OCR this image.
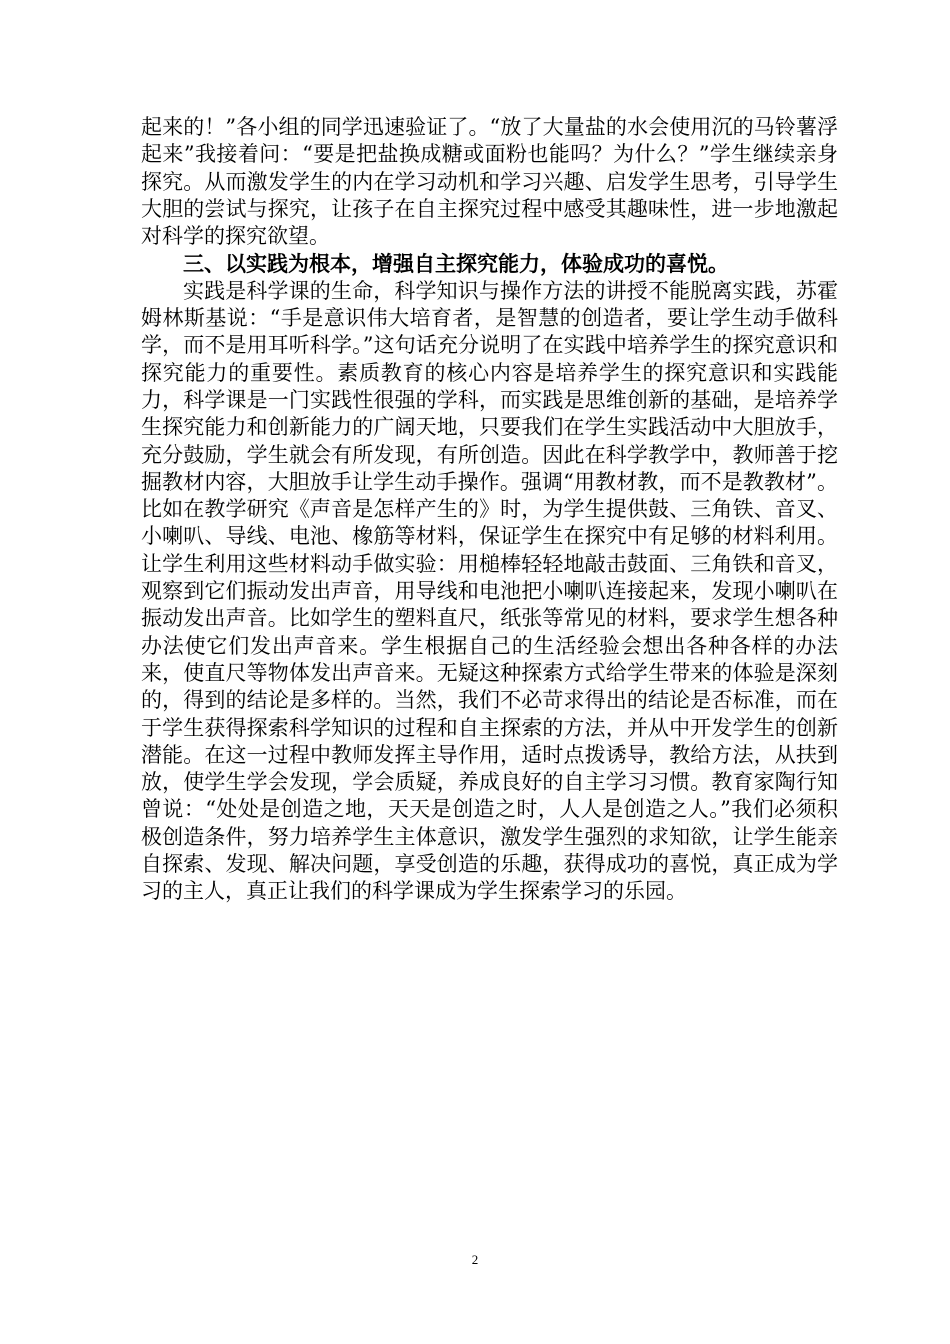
起来的！”各小组的同学迅速验证了。“放了大量盐的水会使用沉的马铃薯浮起来”我接着问：“要是把盐换成糖或面粉也能吗？为什么？”学生继续亲身探究。从而激发学生的内在学习动机和学习兴趣、启发学生思考，引导学生大胆的尝试与探究，让孩子在自主探究过程中感受其趣味性，进一步地激起对科学的探究欲望。

三、以实践为根本，增强自主探究能力，体验成功的喜悦。

实践是科学课的生命，科学知识与操作方法的讲授不能脱离实践，苏霍姆林斯基说：“手是意识伟大培育者，是智慧的创造者，要让学生动手做科学，而不是用耳听科学。”这句话充分说明了在实践中培养学生的探究意识和探究能力的重要性。素质教育的核心内容是培养学生的探究意识和实践能力，科学课是一门实践性很强的学科，而实践是思维创新的基础，是培养学生探究能力和创新能力的广阔天地，只要我们在学生实践活动中大胆放手，充分鼓励，学生就会有所发现，有所创造。因此在科学教学中，教师善于挖掘教材内容，大胆放手让学生动手操作。强调“用教材教，而不是教教材”。比如在教学研究《声音是怎样产生的》时，为学生提供鼓、三角铁、音叉、小喇叭、导线、电池、橡筋等材料，保证学生在探究中有足够的材料利用。让学生利用这些材料动手做实验：用槌棒轻轻地敲击鼓面、三角铁和音叉，观察到它们振动发出声音，用导线和电池把小喇叭连接起来，发现小喇叭在振动发出声音。比如学生的塑料直尺，纸张等常见的材料，要求学生想各种办法使它们发出声音来。学生根据自己的生活经验会想出各种各样的办法来，使直尺等物体发出声音来。无疑这种探索方式给学生带来的体验是深刻的，得到的结论是多样的。当然，我们不必苛求得出的结论是否标准，而在于学生获得探索科学知识的过程和自主探索的方法，并从中开发学生的创新潜能。在这一过程中教师发挥主导作用，适时点拨诱导，教给方法，从扶到放，使学生学会发现，学会质疑，养成良好的自主学习习惯。教育家陶行知曾说：“处处是创造之地，天天是创造之时，人人是创造之人。”我们必须积极创造条件，努力培养学生主体意识，激发学生强烈的求知欲，让学生能亲自探索、发现、解决问题，享受创造的乐趣，获得成功的喜悦，真正成为学习的主人，真正让我们的科学课成为学生探索学习的乐园。

2
